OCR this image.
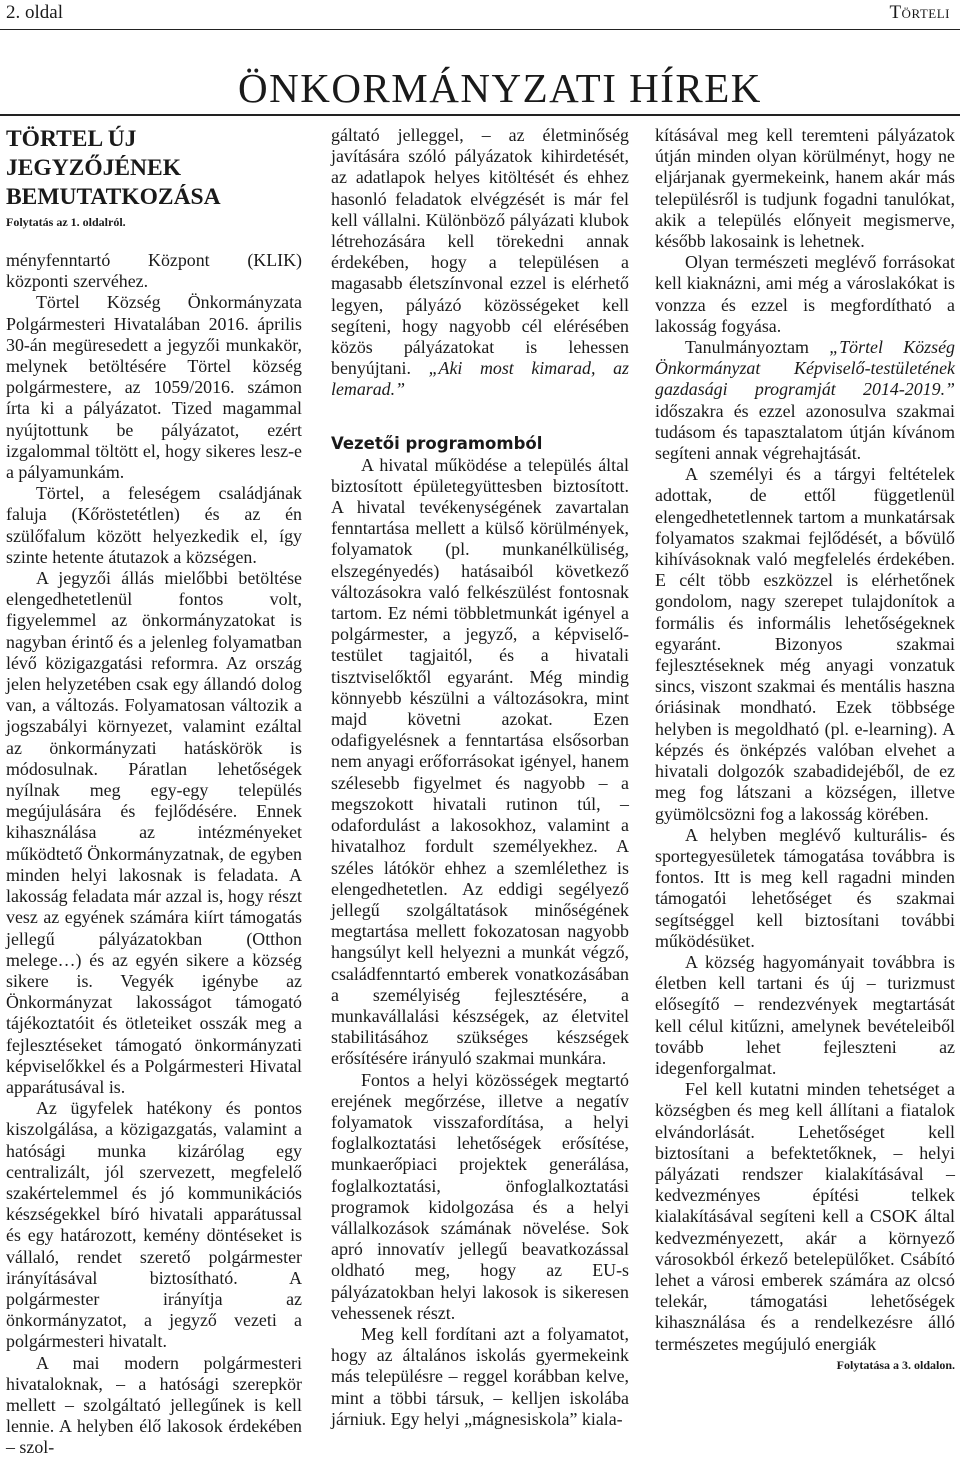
2. oldal	Törteli
ÖNKORMÁNYZATI HÍREK
TÖRTEL ÚJ JEGYZŐJÉNEK BEMUTATKOZÁSA
Folytatás az 1. oldalról.

ményfenntartó Központ (KLIK) központi szervéhez.

Törtel Község Önkormányzata Polgármesteri Hivatalában 2016. április 30-án megüresedett a jegyzői munkakör, melynek betöltésére Törtel község polgármestere, az 1059/2016. számon írta ki a pályázatot. Tized magammal nyújtottunk be pályázatot, ezért izgalommal töltött el, hogy sikeres lesz-e a pályamunkám.

Törtel, a feleségem családjának faluja (Kőröstetétlen) és az én szülőfalum között helyezkedik el, így szinte hetente átutazok a községen.

A jegyzői állás mielőbbi betöltése elengedhetetlenül fontos volt, figyelemmel az önkormányzatokat is nagyban érintő és a jelenleg folyamatban lévő közigazgatási reformra. Az ország jelen helyzetében csak egy állandó dolog van, a változás. Folyamatosan változik a jogszabályi környezet, valamint ezáltal az önkormányzati hatáskörök is módosulnak. Páratlan lehetőségek nyílnak meg egy-egy település megújulására és fejlődésére. Ennek kihasználása az intézményeket működtető Önkormányzatnak, de egyben minden helyi lakosnak is feladata. A lakosság feladata már azzal is, hogy részt vesz az egyének számára kiírt támogatás jellegű pályázatokban (Otthon melege…) és az egyén sikere a község sikere is. Vegyék igénybe az Önkormányzat lakosságot támogató tájékoztatóit és ötleteiket osszák meg a fejlesztéseket támogató önkormányzati képviselőkkel és a Polgármesteri Hivatal apparátusával is.

Az ügyfelek hatékony és pontos kiszolgálása, a közigazgatás, valamint a hatósági munka kizárólag egy centralizált, jól szervezett, megfelelő szakértelemmel és jó kommunikációs készségekkel bíró hivatali apparátussal és egy határozott, kemény döntéseket is vállaló, rendet szerető polgármester irányításával biztosítható. A polgármester irányítja az önkormányzatot, a jegyző vezeti a polgármesteri hivatalt.

A mai modern polgármesteri hivataloknak, – a hatósági szerepkör mellett – szolgáltató jellegűnek is kell lennie. A helyben élő lakosok érdekében – szol-

gáltató jelleggel, – az életminőség javítására szóló pályázatok kihirdetését, az adatlapok helyes kitöltését és ehhez hasonló feladatok elvégzését is már fel kell vállalni. Különböző pályázati klubok létrehozására kell törekedni annak érdekében, hogy a településen a magasabb életszínvonal ezzel is elérhető legyen, pályázó közösségeket kell segíteni, hogy nagyobb cél elérésében közös pályázatokat is lehessen benyújtani. „Aki most kimarad, az lemarad.”

Vezetői programomból

A hivatal működése a település által biztosított épületegyüttesben biztosított. A hivatal tevékenységének zavartalan fenntartása mellett a külső körülmények, folyamatok (pl. munkanélküliség, elszegényedés) hatásaiból következő változásokra való felkészülést fontosnak tartom. Ez némi többletmunkát igényel a polgármester, a jegyző, a képviselő-testület tagjaitól, és a hivatali tisztviselőktől egyaránt. Még mindig könnyebb készülni a változásokra, mint majd követni azokat. Ezen odafigyelésnek a fenntartása elsősorban nem anyagi erőforrásokat igényel, hanem szélesebb figyelmet és nagyobb – a megszokott hivatali rutinon túl, – odafordulást a lakosokhoz, valamint a hivatalhoz fordult személyekhez. A széles látókör ehhez a szemlélethez is elengedhetetlen. Az eddigi segélyező jellegű szolgáltatások minőségének megtartása mellett fokozatosan nagyobb hangsúlyt kell helyezni a munkát végző, családfenntartó emberek vonatkozásában a személyiség fejlesztésére, a munkavállalási készségek, az életvitel stabilitásához szükséges készségek erősítésére irányuló szakmai munkára.

Fontos a helyi közösségek megtartó erejének megőrzése, illetve a negatív folyamatok visszafordítása, a helyi foglalkoztatási lehetőségek erősítése, munkaerőpiaci projektek generálása, foglalkoztatási, önfoglalkoztatási programok kidolgozása és a helyi vállalkozások számának növelése. Sok apró innovatív jellegű beavatkozással oldható meg, hogy az EU-s pályázatokban helyi lakosok is sikeresen vehessenek részt.

Meg kell fordítani azt a folyamatot, hogy az általános iskolás gyermekeink más településre – reggel korábban kelve, mint a többi társuk, – kelljen iskolába járniuk. Egy helyi „mágnesiskola” kiala-

kításával meg kell teremteni pályázatok útján minden olyan körülményt, hogy ne eljárjanak gyermekeink, hanem akár más településről is tudjunk fogadni tanulókat, akik a település előnyeit megismerve, később lakosaink is lehetnek.

Olyan természeti meglévő forrásokat kell kiaknázni, ami még a városlakókat is vonzza és ezzel is megfordítható a lakosság fogyása.

Tanulmányoztam „Törtel Község Önkormányzat Képviselő-testületének gazdasági programját 2014-2019.” időszakra és ezzel azonosulva szakmai tudásom és tapasztalatom útján kívánom segíteni annak végrehajtását.

A személyi és a tárgyi feltételek adottak, de ettől függetlenül elengedhetetlennek tartom a munkatársak folyamatos szakmai fejlődését, a bővülő kihívásoknak való megfelelés érdekében. E célt több eszközzel is elérhetőnek gondolom, nagy szerepet tulajdonítok a formális és informális lehetőségeknek egyaránt. Bizonyos szakmai fejlesztéseknek még anyagi vonzatuk sincs, viszont szakmai és mentális haszna óriásinak mondható. Ezek többsége helyben is megoldható (pl. e-learning). A képzés és önképzés valóban elvehet a hivatali dolgozók szabadidejéből, de ez meg fog látszani a községen, illetve gyümölcsözni fog a lakosság körében.

A helyben meglévő kulturális- és sportegyesületek támogatása továbbra is fontos. Itt is meg kell ragadni minden támogatói lehetőséget és szakmai segítséggel kell biztosítani további működésüket.

A község hagyományait továbbra is életben kell tartani és új – turizmust elősegítő – rendezvények megtartását kell célul kitűzni, amelynek bevételeiből tovább lehet fejleszteni az idegenforgalmat.

Fel kell kutatni minden tehetséget a községben és meg kell állítani a fiatalok elvándorlását. Lehetőséget kell biztosítani a befektetőknek, – helyi pályázati rendszer kialakításával – kedvezményes építési telkek kialakításával segíteni kell a CSOK által kedvezményezett, akár a környező városokból érkező betelepülőket. Csábító lehet a városi emberek számára az olcsó telekár, támogatási lehetőségek kihasználása és a rendelkezésre álló természetes megújuló energiák

Folytatása a 3. oldalon.
